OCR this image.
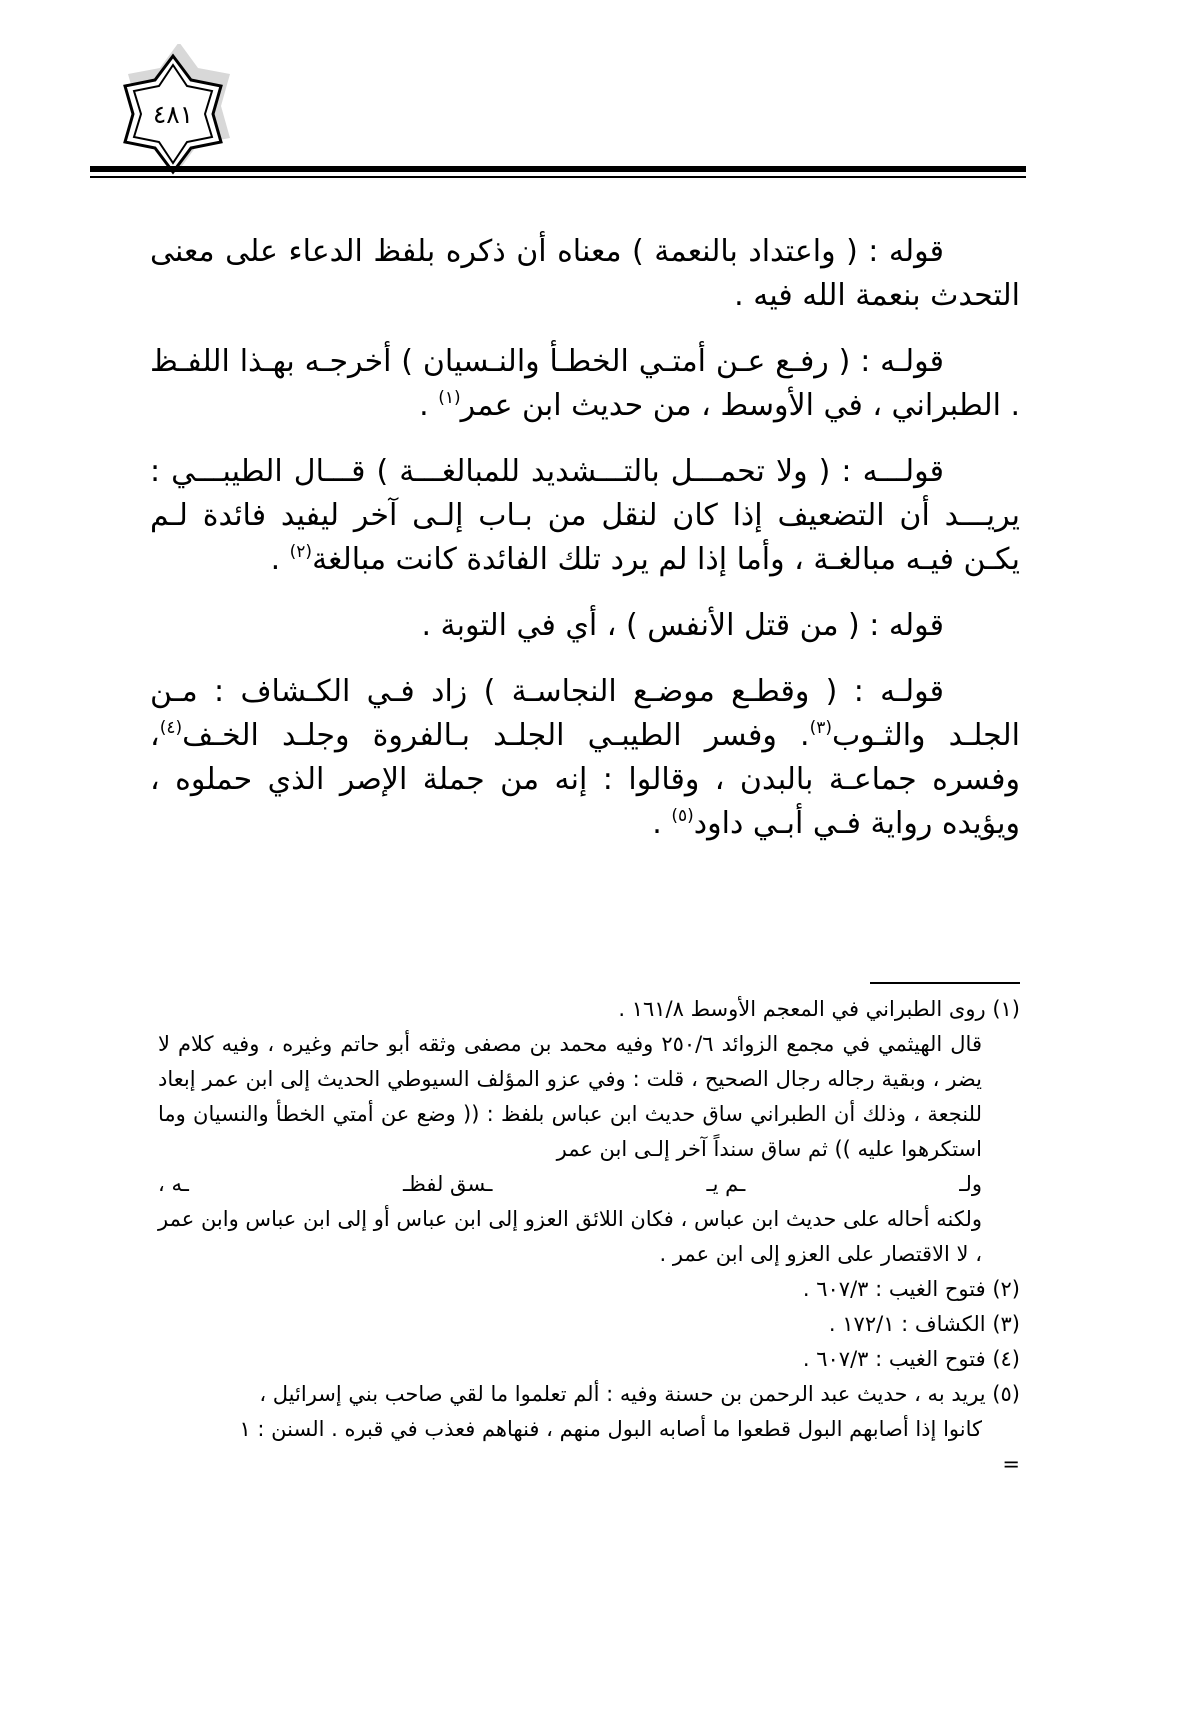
٤٨١

قوله : ( واعتداد بالنعمة ) معناه أن ذكره بلفظ الدعاء على معنى التحدث بنعمة الله فيه .

قولـه : ( رفـع عـن أمتـي الخطـأ والنـسيان ) أخرجـه بهـذا اللفـظ . الطبراني ، في الأوسط ، من حديث ابن عمر$^{(١)}$ .

قولـــه : ( ولا تحمـــل بالتـــشديد للمبالغـــة ) قـــال الطيبـــي : يريـــد أن التضعيف إذا كان لنقل من بـاب إلـى آخر ليفيد فائدة لـم يكـن فيـه مبالغـة ، وأما إذا لم يرد تلك الفائدة كانت مبالغة$^{(٢)}$ .

قوله : ( من قتل الأنفس ) ، أي في التوبة .

قولـه : ( وقطـع موضـع النجاسـة ) زاد فـي الكـشاف : مـن الجلـد والثـوب$^{(٣)}$. وفسر الطيبـي الجلـد بـالفروة وجلـد الخـف$^{(٤)}$، وفسره جماعـة بالبدن ، وقالوا : إنه من جملة الإصر الذي حملوه ، ويؤيده رواية فـي أبـي داود$^{(٥)}$ .

(١) روى الطبراني في المعجم الأوسط ١٦١/٨ .
قال الهيثمي في مجمع الزوائد ٢٥٠/٦ وفيه محمد بن مصفى وثقه أبو حاتم وغيره ، وفيه كلام لا يضر ، وبقية رجاله رجال الصحيح ، قلت : وفي عزو المؤلف السيوطي الحديث إلى ابن عمر إبعاد للنجعة ، وذلك أن الطبراني ساق حديث ابن عباس بلفظ : (( وضع عن أمتي الخطأ والنسيان وما استكرهوا عليه )) ثم ساق سنداً آخر إلـى ابن عمر
ولـ
ـم يـ
ـسق لفظـ
ـه ،
ولكنه أحاله على حديث ابن عباس ، فكان اللائق العزو إلى ابن عباس أو إلى ابن عباس وابن عمر ، لا الاقتصار على العزو إلى ابن عمر .
(٢) فتوح الغيب : ٦٠٧/٣ .
(٣) الكشاف : ١٧٢/١ .
(٤) فتوح الغيب : ٦٠٧/٣ .
(٥) يريد به ، حديث عبد الرحمن بن حسنة وفيه : ألم تعلموا ما لقي صاحب بني إسرائيل ،
كانوا إذا أصابهم البول قطعوا ما أصابه البول منهم ، فنهاهم فعذب في قبره . السنن : ١
=
